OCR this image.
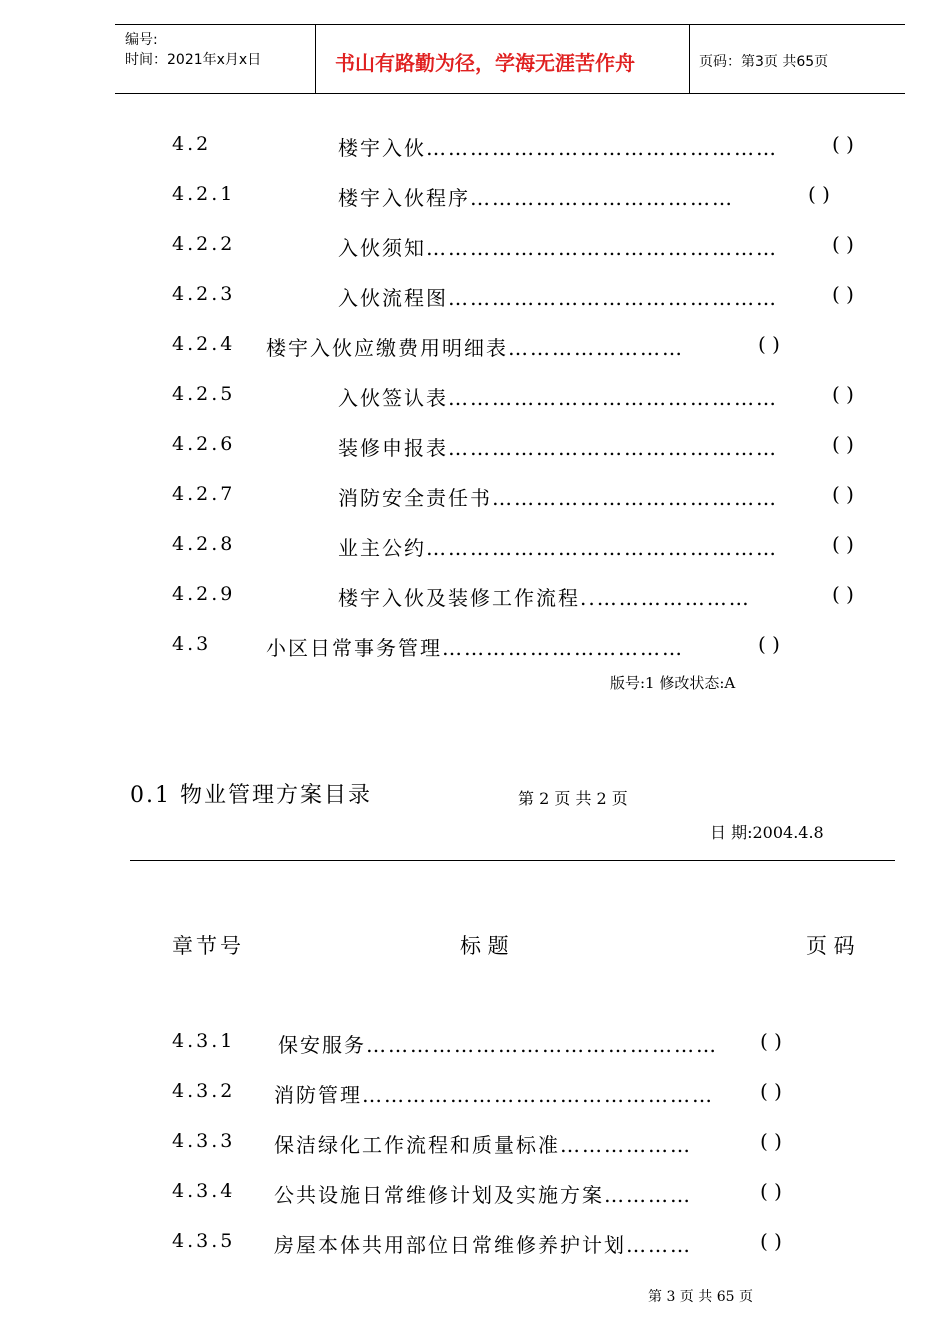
编号:
时间：2021年x月x日	书山有路勤为径，学海无涯苦作舟	页码：第3页 共65页
4.2	楼宇入伙…………………………………………	( )
4.2.1	楼宇入伙程序………………………………	( )
4.2.2	入伙须知…………………………………………	( )
4.2.3	入伙流程图………………………………………	( )
4.2.4 楼宇入伙应缴费用明细表……………………	( )
4.2.5	入伙签认表………………………………………	( )
4.2.6	装修申报表………………………………………	( )
4.2.7	消防安全责任书…………………………………	( )
4.2.8	业主公约…………………………………………	( )
4.2.9	楼宇入伙及装修工作流程..…………………	( )
4.3	小区日常事务管理……………………………	( )
版号:1 修改状态:A
0.1 物业管理方案目录	第 2 页 共 2 页
日 期:2004.4.8
章节号	标 题	页 码
4.3.1 保安服务………………………………………… ( )
4.3.2 消防管理………………………………………… ( )
4.3.3 保洁绿化工作流程和质量标准………………	( )
4.3.4 公共设施日常维修计划及实施方案…………	( )
4.3.5 房屋本体共用部位日常维修养护计划………	( )
第 3 页 共 65 页
